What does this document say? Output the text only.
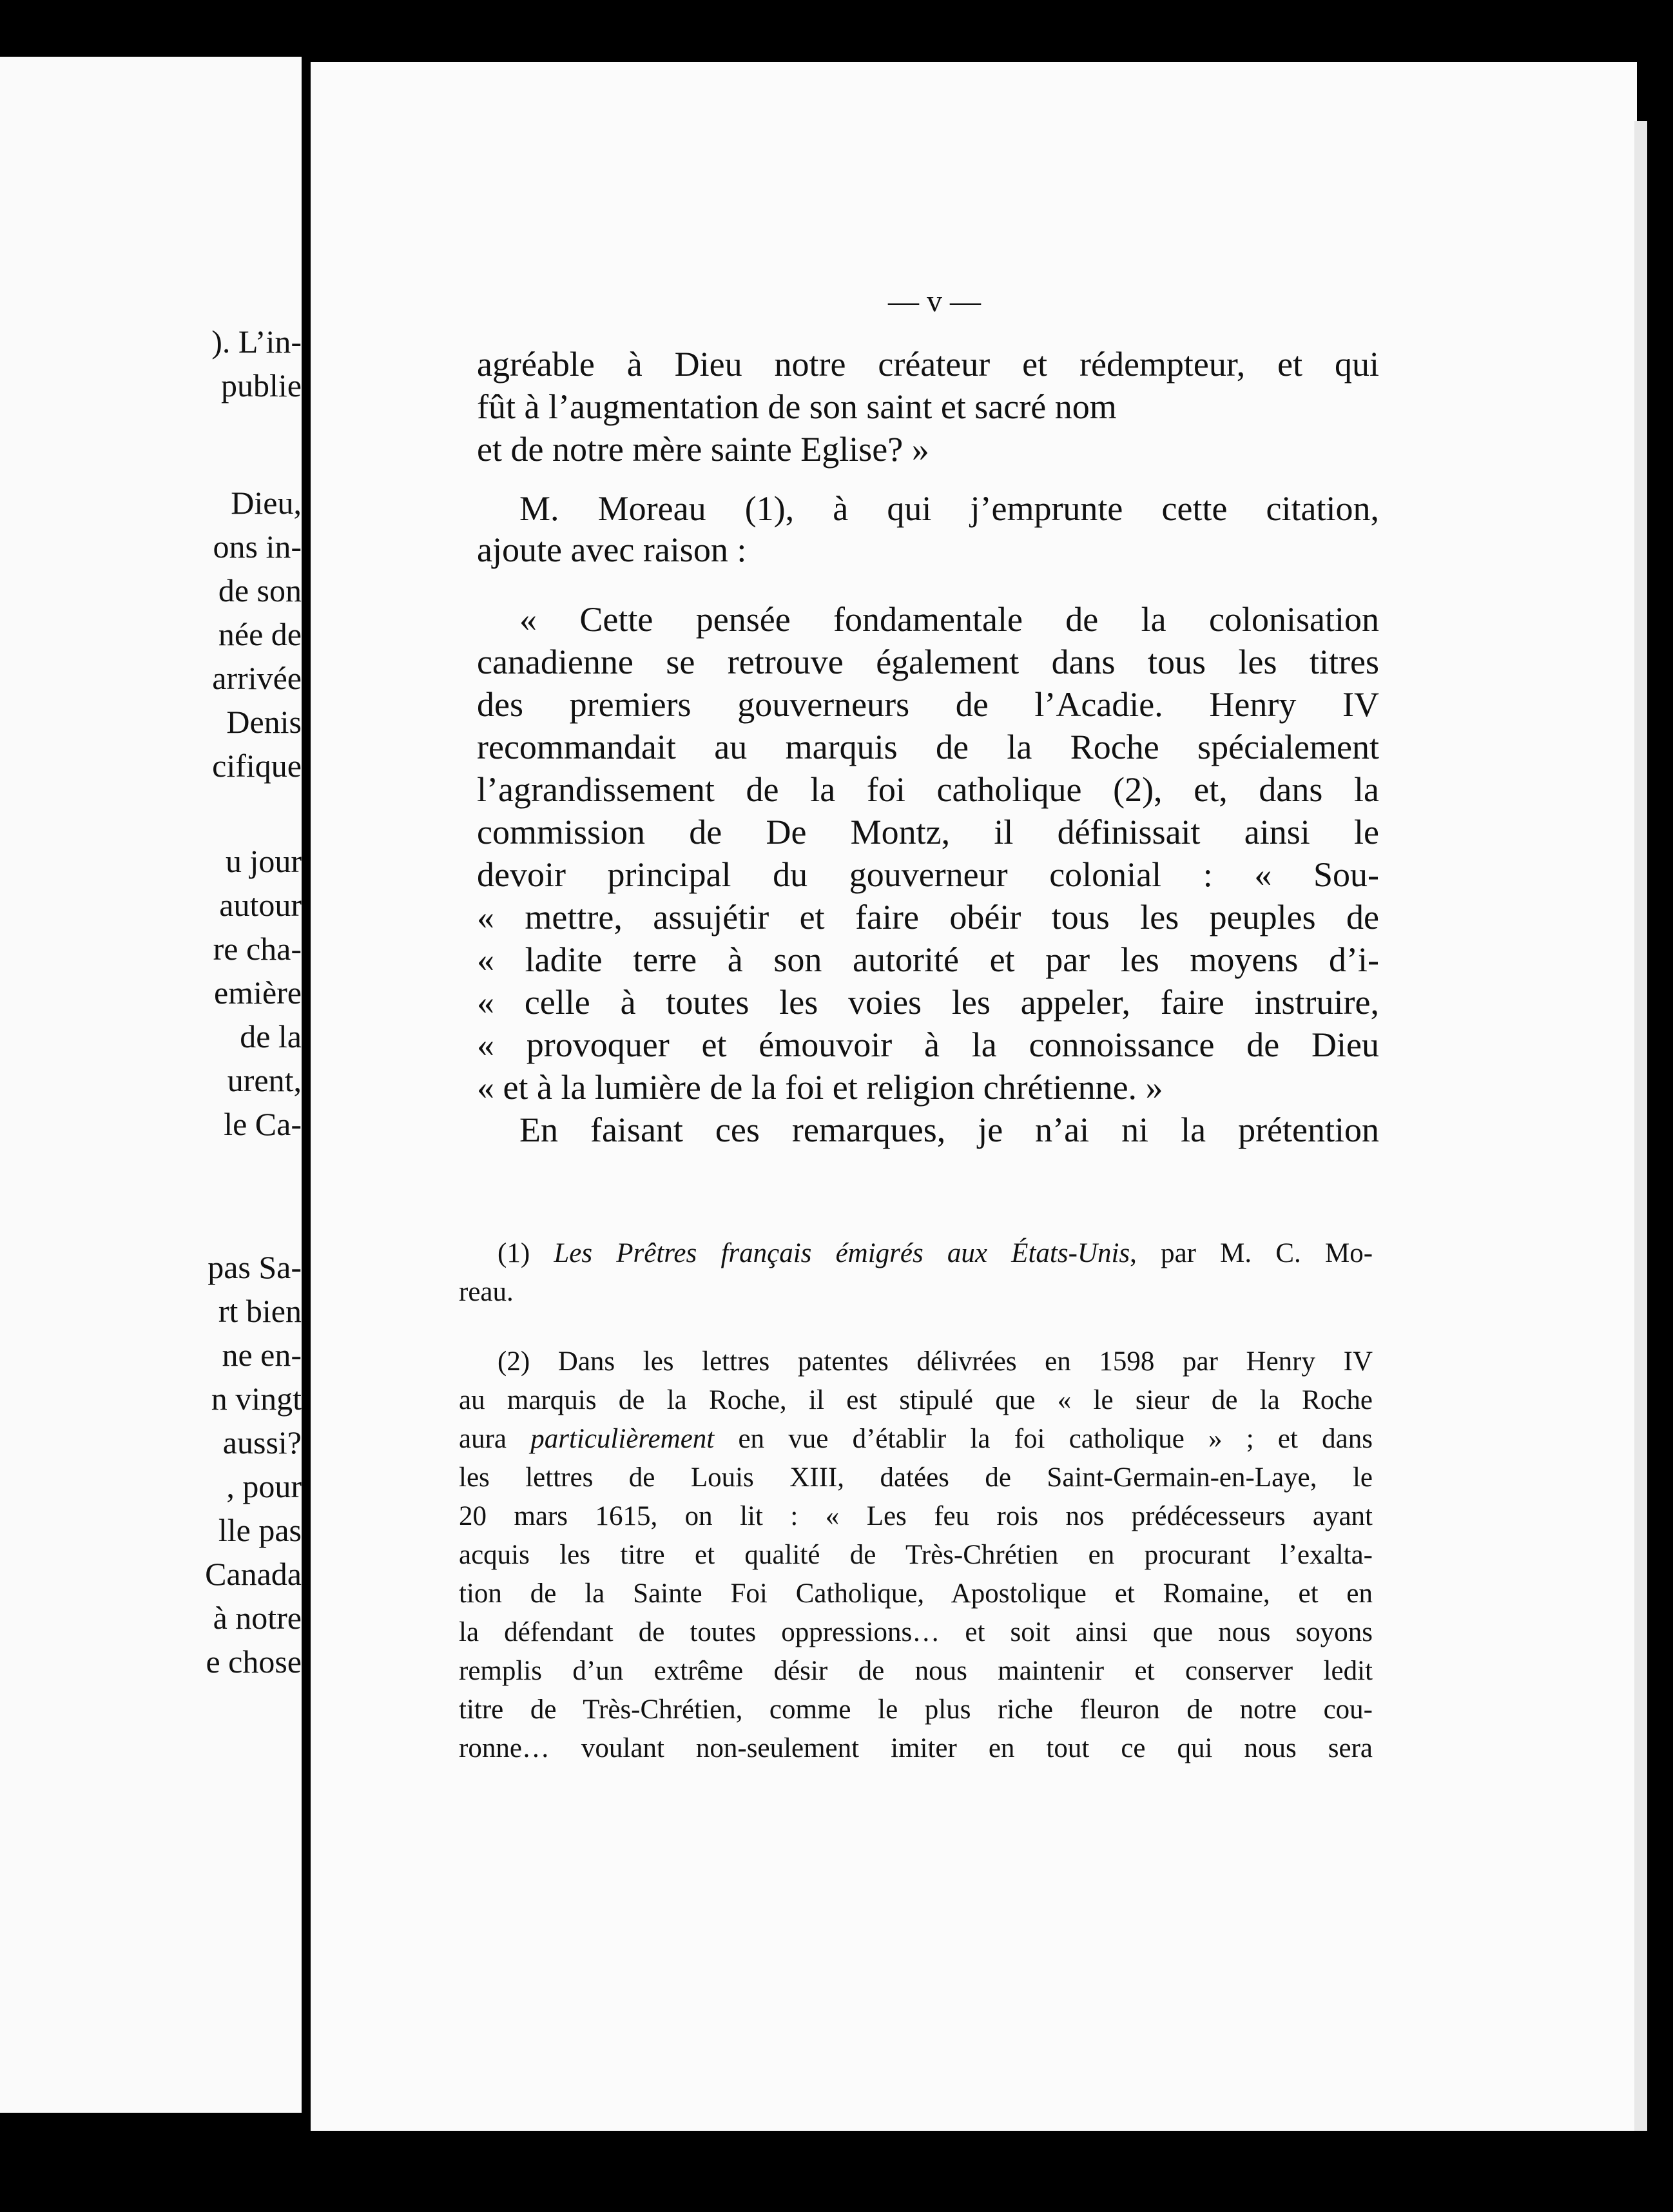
). L’in-

publie

Dieu,

ons in-

de son

née de

arrivée

Denis

cifique

u jour

autour

re cha-

emière

de la

urent,

le Ca-

pas Sa-

rt bien

ne en-

n vingt

aussi?

, pour

lle pas

Canada

à notre

e chose

— v —

agréable à Dieu notre créateur et rédempteur, et qui

fût à l’augmentation de son saint et sacré nom

et de notre mère sainte Eglise? »

M. Moreau (1), à qui j’emprunte cette citation,

ajoute avec raison :

« Cette pensée fondamentale de la colonisation

canadienne se retrouve également dans tous les titres

des premiers gouverneurs de l’Acadie. Henry IV

recommandait au marquis de la Roche spécialement

l’agrandissement de la foi catholique (2), et, dans la

commission de De Montz, il définissait ainsi le

devoir principal du gouverneur colonial : « Sou-

« mettre, assujétir et faire obéir tous les peuples de

« ladite terre à son autorité et par les moyens d’i-

« celle à toutes les voies les appeler, faire instruire,

« provoquer et émouvoir à la connoissance de Dieu

« et à la lumière de la foi et religion chrétienne. »

En faisant ces remarques, je n’ai ni la prétention

(1) Les Prêtres français émigrés aux États-Unis, par M. C. Mo-

reau.

(2) Dans les lettres patentes délivrées en 1598 par Henry IV

au marquis de la Roche, il est stipulé que « le sieur de la Roche

aura particulièrement en vue d’établir la foi catholique » ; et dans

les lettres de Louis XIII, datées de Saint-Germain-en-Laye, le

20 mars 1615, on lit : « Les feu rois nos prédécesseurs ayant

acquis les titre et qualité de Très-Chrétien en procurant l’exalta-

tion de la Sainte Foi Catholique, Apostolique et Romaine, et en

la défendant de toutes oppressions… et soit ainsi que nous soyons

remplis d’un extrême désir de nous maintenir et conserver ledit

titre de Très-Chrétien, comme le plus riche fleuron de notre cou-

ronne… voulant non-seulement imiter en tout ce qui nous sera
